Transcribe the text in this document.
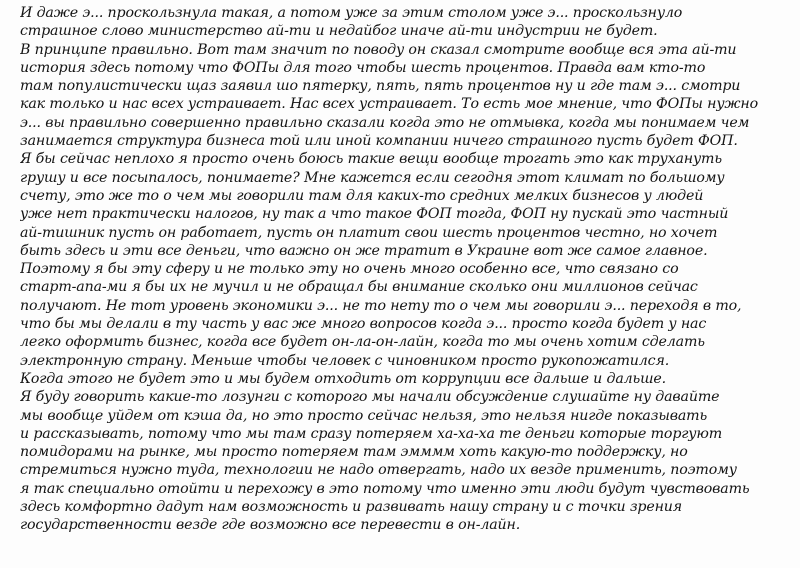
И даже э... проскользнула такая, а потом уже за этим столом уже э... проскользнуло
страшное слово министерство ай-ти и недайбог иначе ай-ти индустрии не будет.
В принципе правильно. Вот там значит по поводу он сказал смотрите вообще вся эта ай-ти
история здесь потому что ФОПы для того чтобы шесть процентов. Правда вам кто-то
там популистически щаз заявил шо пятерку, пять, пять процентов ну и где там э... смотри
как только и нас всех устраивает. Нас всех устраивает. То есть мое мнение, что ФОПы нужно
э... вы правильно совершенно правильно сказали когда это не отмывка, когда мы понимаем чем
занимается структура бизнеса той или иной компании ничего страшного пусть будет ФОП.
Я бы сейчас неплохо я просто очень боюсь такие вещи вообще трогать это как трухануть
грушу и все посыпалось, понимаете? Мне кажется если сегодня этот климат по большому
счету, это же то о чем мы говорили там для каких-то средних мелких бизнесов у людей
уже нет практически налогов, ну так а что такое ФОП тогда, ФОП ну пускай это частный
ай-тишник пусть он работает, пусть он платит свои шесть процентов честно, но хочет
быть здесь и эти все деньги, что важно он же тратит в Украине вот же самое главное.
Поэтому я бы эту сферу и не только эту но очень много особенно все, что связано со
старт-апа-ми я бы их не мучил и не обращал бы внимание сколько они миллионов сейчас
получают. Не тот уровень экономики э... не то нету то о чем мы говорили э... переходя в то,
что бы мы делали в ту часть у вас же много вопросов когда э... просто когда будет у нас
легко оформить бизнес, когда все будет он-ла-он-лайн, когда то мы очень хотим сделать
электронную страну. Меньше чтобы человек с чиновником просто рукопожатился.
Когда этого не будет это и мы будем отходить от коррупции все дальше и дальше.
Я буду говорить какие-то лозунги с которого мы начали обсуждение слушайте ну давайте
мы вообще уйдем от кэша да, но это просто сейчас нельзя, это нельзя нигде показывать
и рассказывать, потому что мы там сразу потеряем ха-ха-ха те деньги которые торгуют
помидорами на рынке, мы просто потеряем там эмммм хоть какую-то поддержку, но
стремиться нужно туда, технологии не надо отвергать, надо их везде применить, поэтому
я так специально отойти и перехожу в это потому что именно эти люди будут чувствовать
здесь комфортно дадут нам возможность и развивать нашу страну и с точки зрения
государственности везде где возможно все перевести в он-лайн.
